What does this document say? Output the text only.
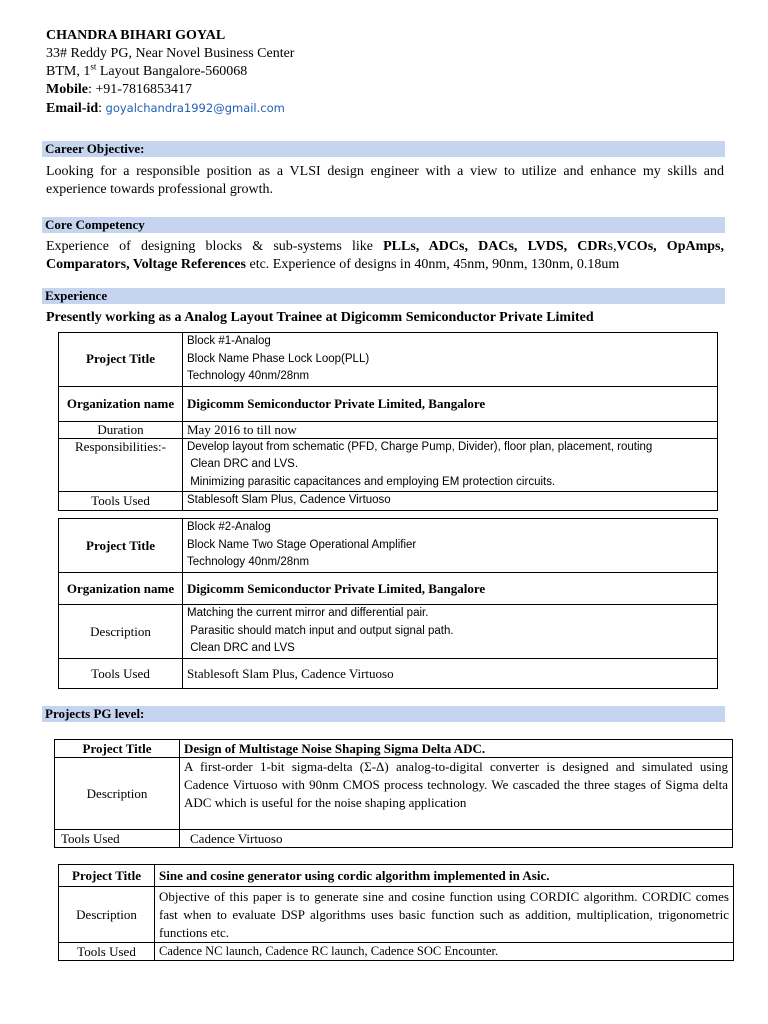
CHANDRA BIHARI GOYAL
33# Reddy PG, Near Novel Business Center
BTM, 1st Layout Bangalore-560068
Mobile: +91-7816853417
Email-id: goyalchandra1992@gmail.com
Career Objective:
Looking for a responsible position as a VLSI design engineer with a view to utilize and enhance my skills and experience towards professional growth.
Core Competency
Experience of designing blocks & sub-systems like PLLs, ADCs, DACs, LVDS, CDRs,VCOs, OpAmps, Comparators, Voltage References etc. Experience of designs in 40nm, 45nm, 90nm, 130nm, 0.18um
Experience
Presently working as a Analog Layout Trainee at Digicomm Semiconductor Private Limited
Project Title	Block #1-Analog
Block Name Phase Lock Loop(PLL)
Technology 40nm/28nm

Organization name	Digicomm Semiconductor Private Limited, Bangalore
Duration	May 2016 to till now
Responsibilities:-	Develop layout from schematic (PFD, Charge Pump, Divider), floor plan, placement, routing
Clean DRC and LVS.
Minimizing parasitic capacitances and employing EM protection circuits.

Tools Used	Stablesoft Slam Plus, Cadence Virtuoso
Project Title	Block #2-Analog
Block Name Two Stage Operational Amplifier
Technology 40nm/28nm

Organization name	Digicomm Semiconductor Private Limited, Bangalore
Description	Matching the current mirror and differential pair.
Parasitic should match input and output signal path.
Clean DRC and LVS

Tools Used	Stablesoft Slam Plus, Cadence Virtuoso
Projects PG level:
Project Title	Design of Multistage Noise Shaping Sigma Delta ADC.
Description	A first-order 1-bit sigma-delta (Σ-Δ) analog-to-digital converter is designed and simulated using Cadence Virtuoso with 90nm CMOS process technology. We cascaded the three stages of Sigma delta ADC which is useful for the noise shaping application
Tools Used	Cadence Virtuoso
Project Title	Sine and cosine generator using cordic algorithm implemented in Asic.
Description	Objective of this paper is to generate sine and cosine function using CORDIC algorithm. CORDIC comes fast when to evaluate DSP algorithms uses basic function such as addition, multiplication, trigonometric functions etc.
Tools Used	Cadence NC launch, Cadence RC launch, Cadence SOC Encounter.
